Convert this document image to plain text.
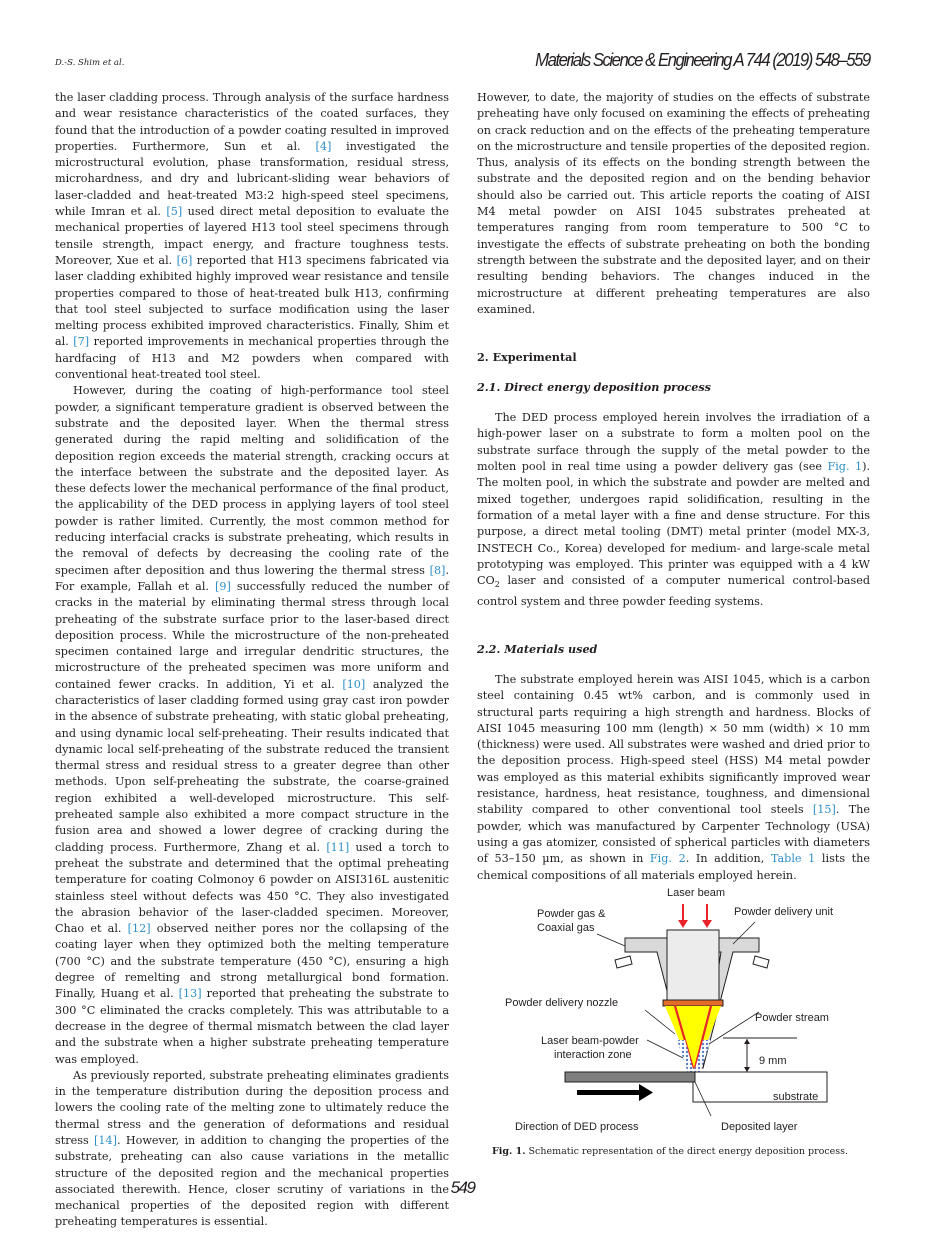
D.-S. Shim et al.	Materials Science & Engineering A 744 (2019) 548–559

the laser cladding process. Through analysis of the surface hardness and wear resistance characteristics of the coated surfaces, they found that the introduction of a powder coating resulted in improved properties. Furthermore, Sun et al. [4] investigated the microstructural evolution, phase transformation, residual stress, microhardness, and dry and lubricant-sliding wear behaviors of laser-cladded and heat-treated M3:2 high-speed steel specimens, while Imran et al. [5] used direct metal deposition to evaluate the mechanical properties of layered H13 tool steel specimens through tensile strength, impact energy, and fracture toughness tests. Moreover, Xue et al. [6] reported that H13 specimens fabricated via laser cladding exhibited highly improved wear resistance and tensile properties compared to those of heat-treated bulk H13, confirming that tool steel subjected to surface modification using the laser melting process exhibited improved characteristics. Finally, Shim et al. [7] reported improvements in mechanical properties through the hardfacing of H13 and M2 powders when compared with conventional heat-treated tool steel.

However, during the coating of high-performance tool steel powder, a significant temperature gradient is observed between the substrate and the deposited layer. When the thermal stress generated during the rapid melting and solidification of the deposition region exceeds the material strength, cracking occurs at the interface between the substrate and the deposited layer. As these defects lower the mechanical performance of the final product, the applicability of the DED process in applying layers of tool steel powder is rather limited. Currently, the most common method for reducing interfacial cracks is substrate preheating, which results in the removal of defects by decreasing the cooling rate of the specimen after deposition and thus lowering the thermal stress [8]. For example, Fallah et al. [9] successfully reduced the number of cracks in the material by eliminating thermal stress through local preheating of the substrate surface prior to the laser-based direct deposition process. While the microstructure of the non-preheated specimen contained large and irregular dendritic structures, the microstructure of the preheated specimen was more uniform and contained fewer cracks. In addition, Yi et al. [10] analyzed the characteristics of laser cladding formed using gray cast iron powder in the absence of substrate preheating, with static global preheating, and using dynamic local self-preheating. Their results indicated that dynamic local self-preheating of the substrate reduced the transient thermal stress and residual stress to a greater degree than other methods. Upon self-preheating the substrate, the coarse-grained region exhibited a well-developed microstructure. This self-preheated sample also exhibited a more compact structure in the fusion area and showed a lower degree of cracking during the cladding process. Furthermore, Zhang et al. [11] used a torch to preheat the substrate and determined that the optimal preheating temperature for coating Colmonoy 6 powder on AISI316L austenitic stainless steel without defects was 450 °C. They also investigated the abrasion behavior of the laser-cladded specimen. Moreover, Chao et al. [12] observed neither pores nor the collapsing of the coating layer when they optimized both the melting temperature (700 °C) and the substrate temperature (450 °C), ensuring a high degree of remelting and strong metallurgical bond formation. Finally, Huang et al. [13] reported that preheating the substrate to 300 °C eliminated the cracks completely. This was attributable to a decrease in the degree of thermal mismatch between the clad layer and the substrate when a higher substrate preheating temperature was employed.

As previously reported, substrate preheating eliminates gradients in the temperature distribution during the deposition process and lowers the cooling rate of the melting zone to ultimately reduce the thermal stress and the generation of deformations and residual stress [14]. However, in addition to changing the properties of the substrate, preheating can also cause variations in the metallic structure of the deposited region and the mechanical properties associated therewith. Hence, closer scrutiny of variations in the mechanical properties of the deposited region with different preheating temperatures is essential.

However, to date, the majority of studies on the effects of substrate preheating have only focused on examining the effects of preheating on crack reduction and on the effects of the preheating temperature on the microstructure and tensile properties of the deposited region. Thus, analysis of its effects on the bonding strength between the substrate and the deposited region and on the bending behavior should also be carried out. This article reports the coating of AISI M4 metal powder on AISI 1045 substrates preheated at temperatures ranging from room temperature to 500 °C to investigate the effects of substrate preheating on both the bonding strength between the substrate and the deposited layer, and on their resulting bending behaviors. The changes induced in the microstructure at different preheating temperatures are also examined.

2. Experimental
2.1. Direct energy deposition process

The DED process employed herein involves the irradiation of a high-power laser on a substrate to form a molten pool on the substrate surface through the supply of the metal powder to the molten pool in real time using a powder delivery gas (see Fig. 1). The molten pool, in which the substrate and powder are melted and mixed together, undergoes rapid solidification, resulting in the formation of a metal layer with a fine and dense structure. For this purpose, a direct metal tooling (DMT) metal printer (model MX-3, INSTECH Co., Korea) developed for medium- and large-scale metal prototyping was employed. This printer was equipped with a 4 kW $CO_2$ laser and consisted of a computer numerical control-based control system and three powder feeding systems.

2.2. Materials used

The substrate employed herein was AISI 1045, which is a carbon steel containing 0.45 wt% carbon, and is commonly used in structural parts requiring a high strength and hardness. Blocks of AISI 1045 measuring 100 mm (length) × 50 mm (width) × 10 mm (thickness) were used. All substrates were washed and dried prior to the deposition process. High-speed steel (HSS) M4 metal powder was employed as this material exhibits significantly improved wear resistance, hardness, heat resistance, toughness, and dimensional stability compared to other conventional tool steels [15]. The powder, which was manufactured by Carpenter Technology (USA) using a gas atomizer, consisted of spherical particles with diameters of 53–150 µm, as shown in Fig. 2. In addition, Table 1 lists the chemical compositions of all materials employed herein.

Laser beam
Powder gas &
Coaxial gas
Powder delivery unit
Powder delivery nozzle
Powder stream
Laser beam-powder
interaction zone	9 mm
substrate
Direction of DED process	Deposited layer
Fig. 1. Schematic representation of the direct energy deposition process.
549
